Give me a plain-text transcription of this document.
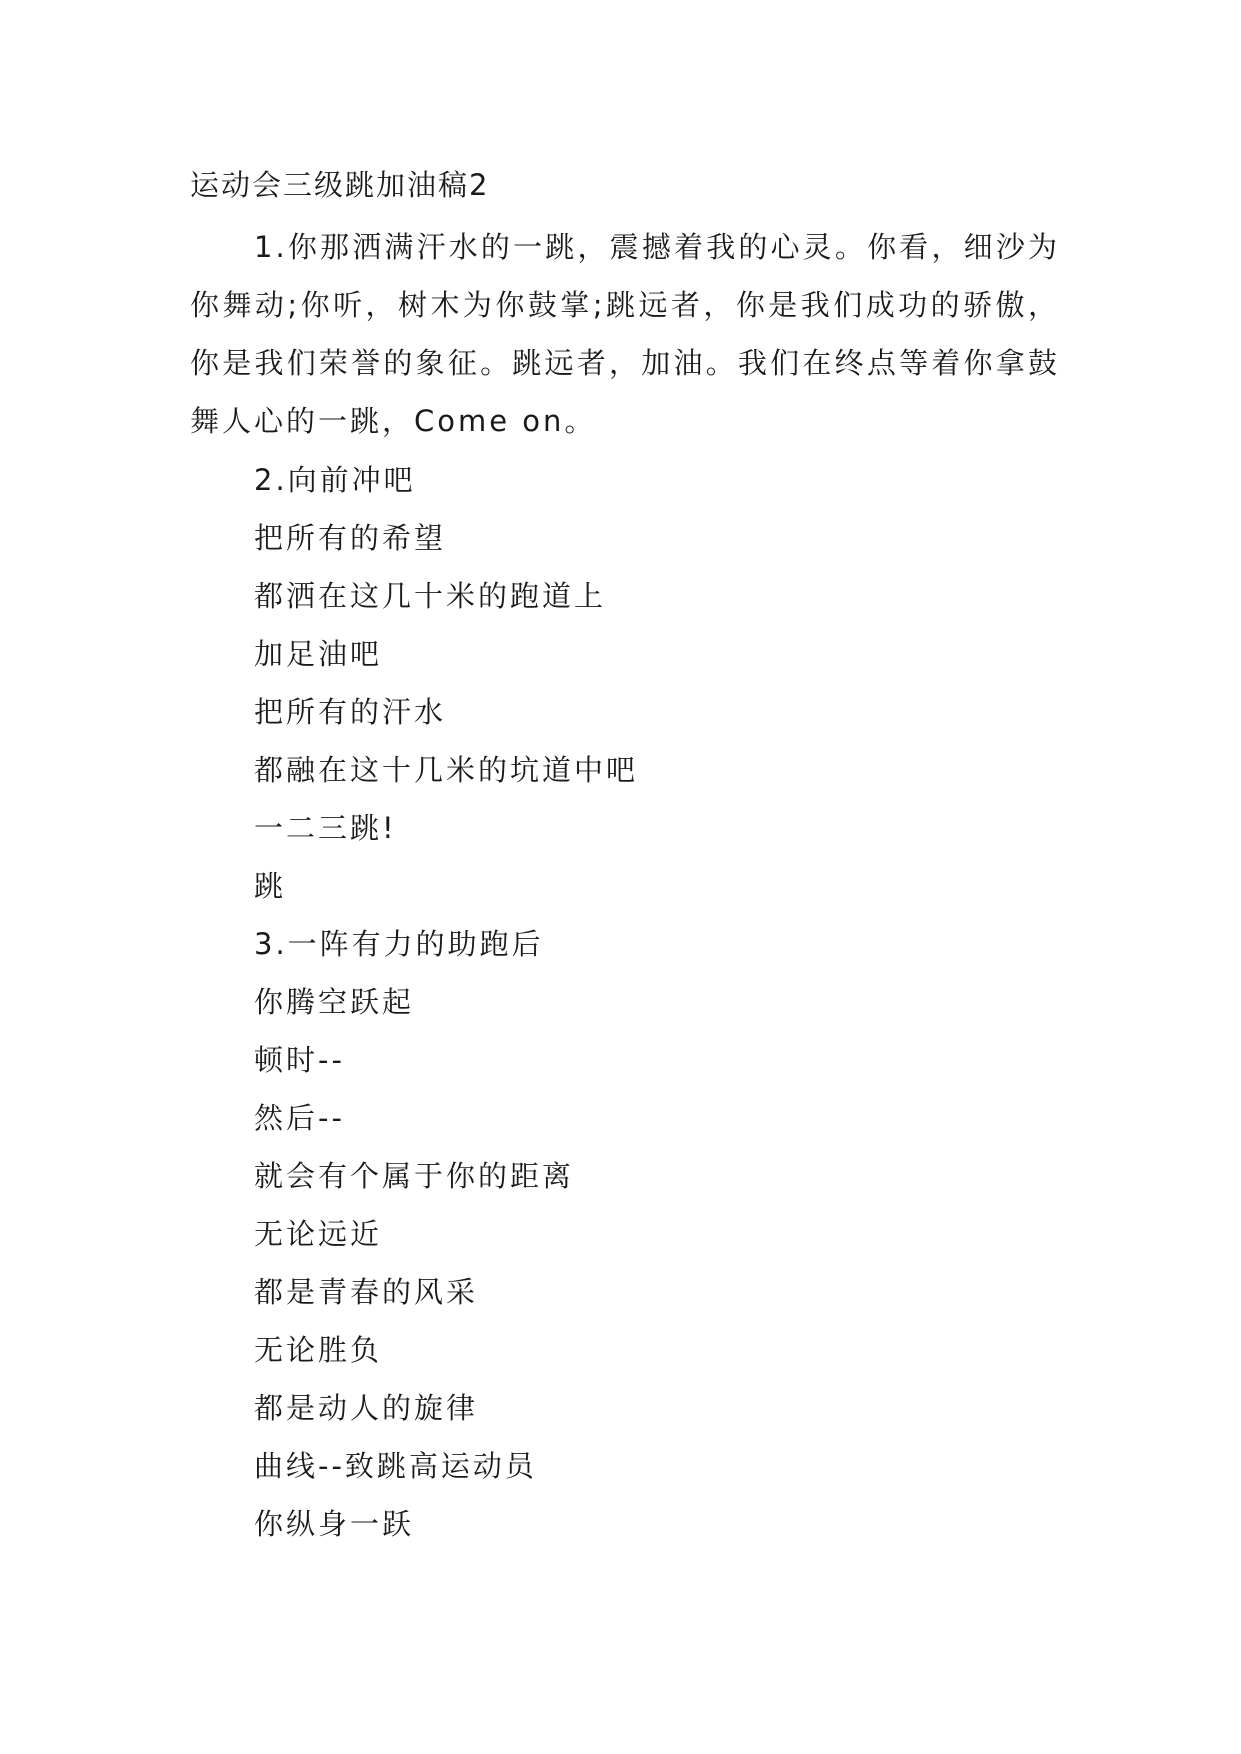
运动会三级跳加油稿2
1.你那洒满汗水的一跳，震撼着我的心灵。你看，细沙为你舞动;你听，树木为你鼓掌;跳远者，你是我们成功的骄傲，你是我们荣誉的象征。跳远者，加油。我们在终点等着你拿鼓舞人心的一跳，Come on。
2.向前冲吧
把所有的希望
都洒在这几十米的跑道上
加足油吧
把所有的汗水
都融在这十几米的坑道中吧
一二三跳!
跳
3.一阵有力的助跑后
你腾空跃起
顿时--
然后--
就会有个属于你的距离
无论远近
都是青春的风采
无论胜负
都是动人的旋律
曲线--致跳高运动员
你纵身一跃
